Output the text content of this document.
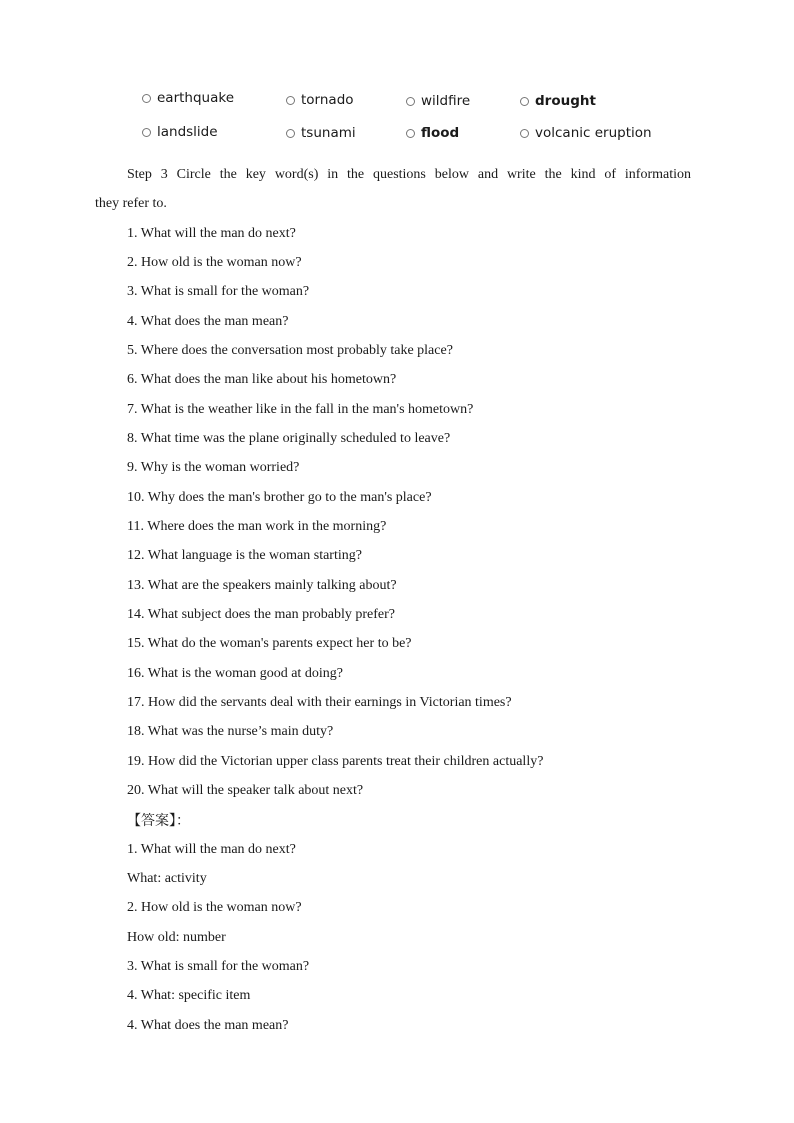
earthquake	tornado	wildfire	drought
landslide	tsunami	flood	volcanic eruption
Step 3 Circle the key word(s) in the questions below and write the kind of information
they refer to.
1. What will the man do next?
2. How old is the woman now?
3. What is small for the woman?
4. What does the man mean?
5. Where does the conversation most probably take place?
6. What does the man like about his hometown?
7. What is the weather like in the fall in the man's hometown?
8. What time was the plane originally scheduled to leave?
9. Why is the woman worried?
10. Why does the man's brother go to the man's place?
11. Where does the man work in the morning?
12. What language is the woman starting?
13. What are the speakers mainly talking about?
14. What subject does the man probably prefer?
15. What do the woman's parents expect her to be?
16. What is the woman good at doing?
17. How did the servants deal with their earnings in Victorian times?
18. What was the nurse’s main duty?
19. How did the Victorian upper class parents treat their children actually?
20. What will the speaker talk about next?
【答案】：
1. What will the man do next?
What: activity
2. How old is the woman now?
How old: number
3. What is small for the woman?
4. What: specific item
4. What does the man mean?
